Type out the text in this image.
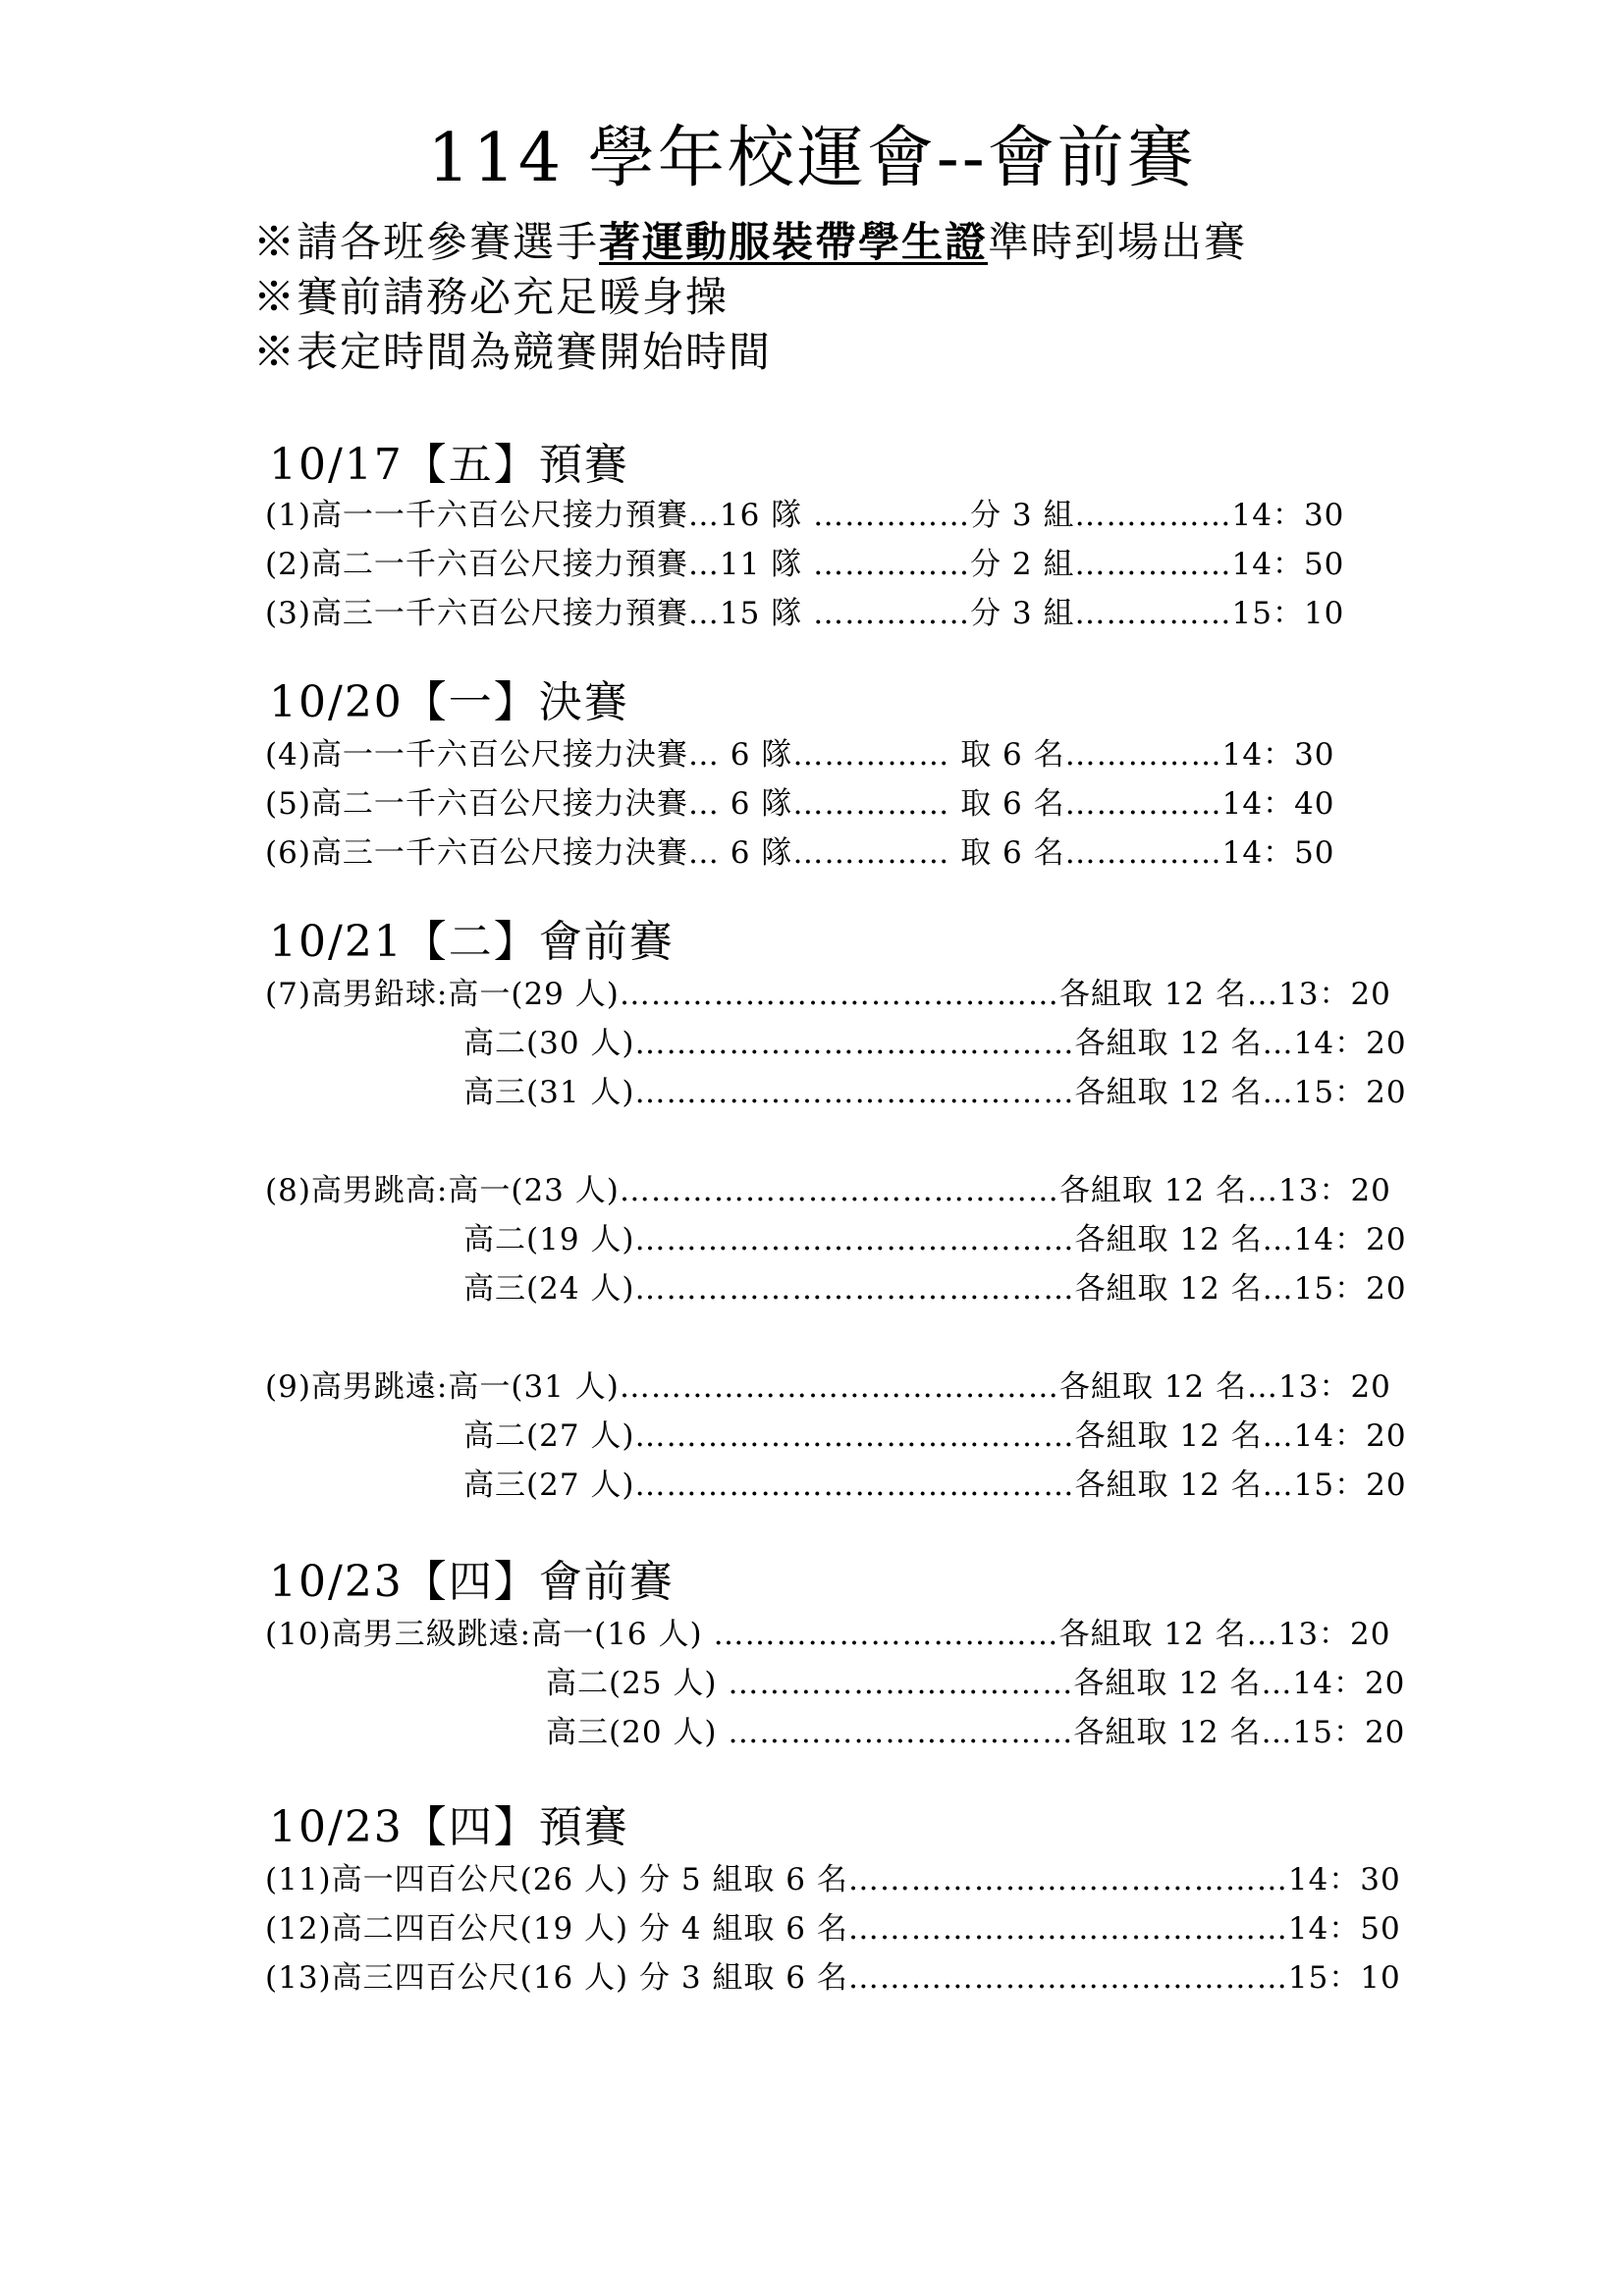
114 學年校運會--會前賽
※請各班參賽選手著運動服裝帶學生證準時到場出賽
※賽前請務必充足暖身操
※表定時間為競賽開始時間
10/17【五】預賽
(1)高一一千六百公尺接力預賽…16 隊 ……………分 3 組……………14：30
(2)高二一千六百公尺接力預賽…11 隊 ……………分 2 組……………14：50
(3)高三一千六百公尺接力預賽…15 隊 ……………分 3 組……………15：10
10/20【一】決賽
(4)高一一千六百公尺接力決賽… 6 隊…………… 取 6 名……………14：30
(5)高二一千六百公尺接力決賽… 6 隊…………… 取 6 名……………14：40
(6)高三一千六百公尺接力決賽… 6 隊…………… 取 6 名……………14：50
10/21【二】會前賽
(7)高男鉛球:高一(29 人)……………………………………各組取 12 名…13：20
高二(30 人)……………………………………各組取 12 名…14：20
高三(31 人)……………………………………各組取 12 名…15：20
(8)高男跳高:高一(23 人)……………………………………各組取 12 名…13：20
高二(19 人)……………………………………各組取 12 名…14：20
高三(24 人)……………………………………各組取 12 名…15：20
(9)高男跳遠:高一(31 人)……………………………………各組取 12 名…13：20
高二(27 人)……………………………………各組取 12 名…14：20
高三(27 人)……………………………………各組取 12 名…15：20
10/23【四】會前賽
(10)高男三級跳遠:高一(16 人) ……………………………各組取 12 名…13：20
高二(25 人) ……………………………各組取 12 名…14：20
高三(20 人) ……………………………各組取 12 名…15：20
10/23【四】預賽
(11)高一四百公尺(26 人) 分 5 組取 6 名……………………………………14：30
(12)高二四百公尺(19 人) 分 4 組取 6 名……………………………………14：50
(13)高三四百公尺(16 人) 分 3 組取 6 名……………………………………15：10
